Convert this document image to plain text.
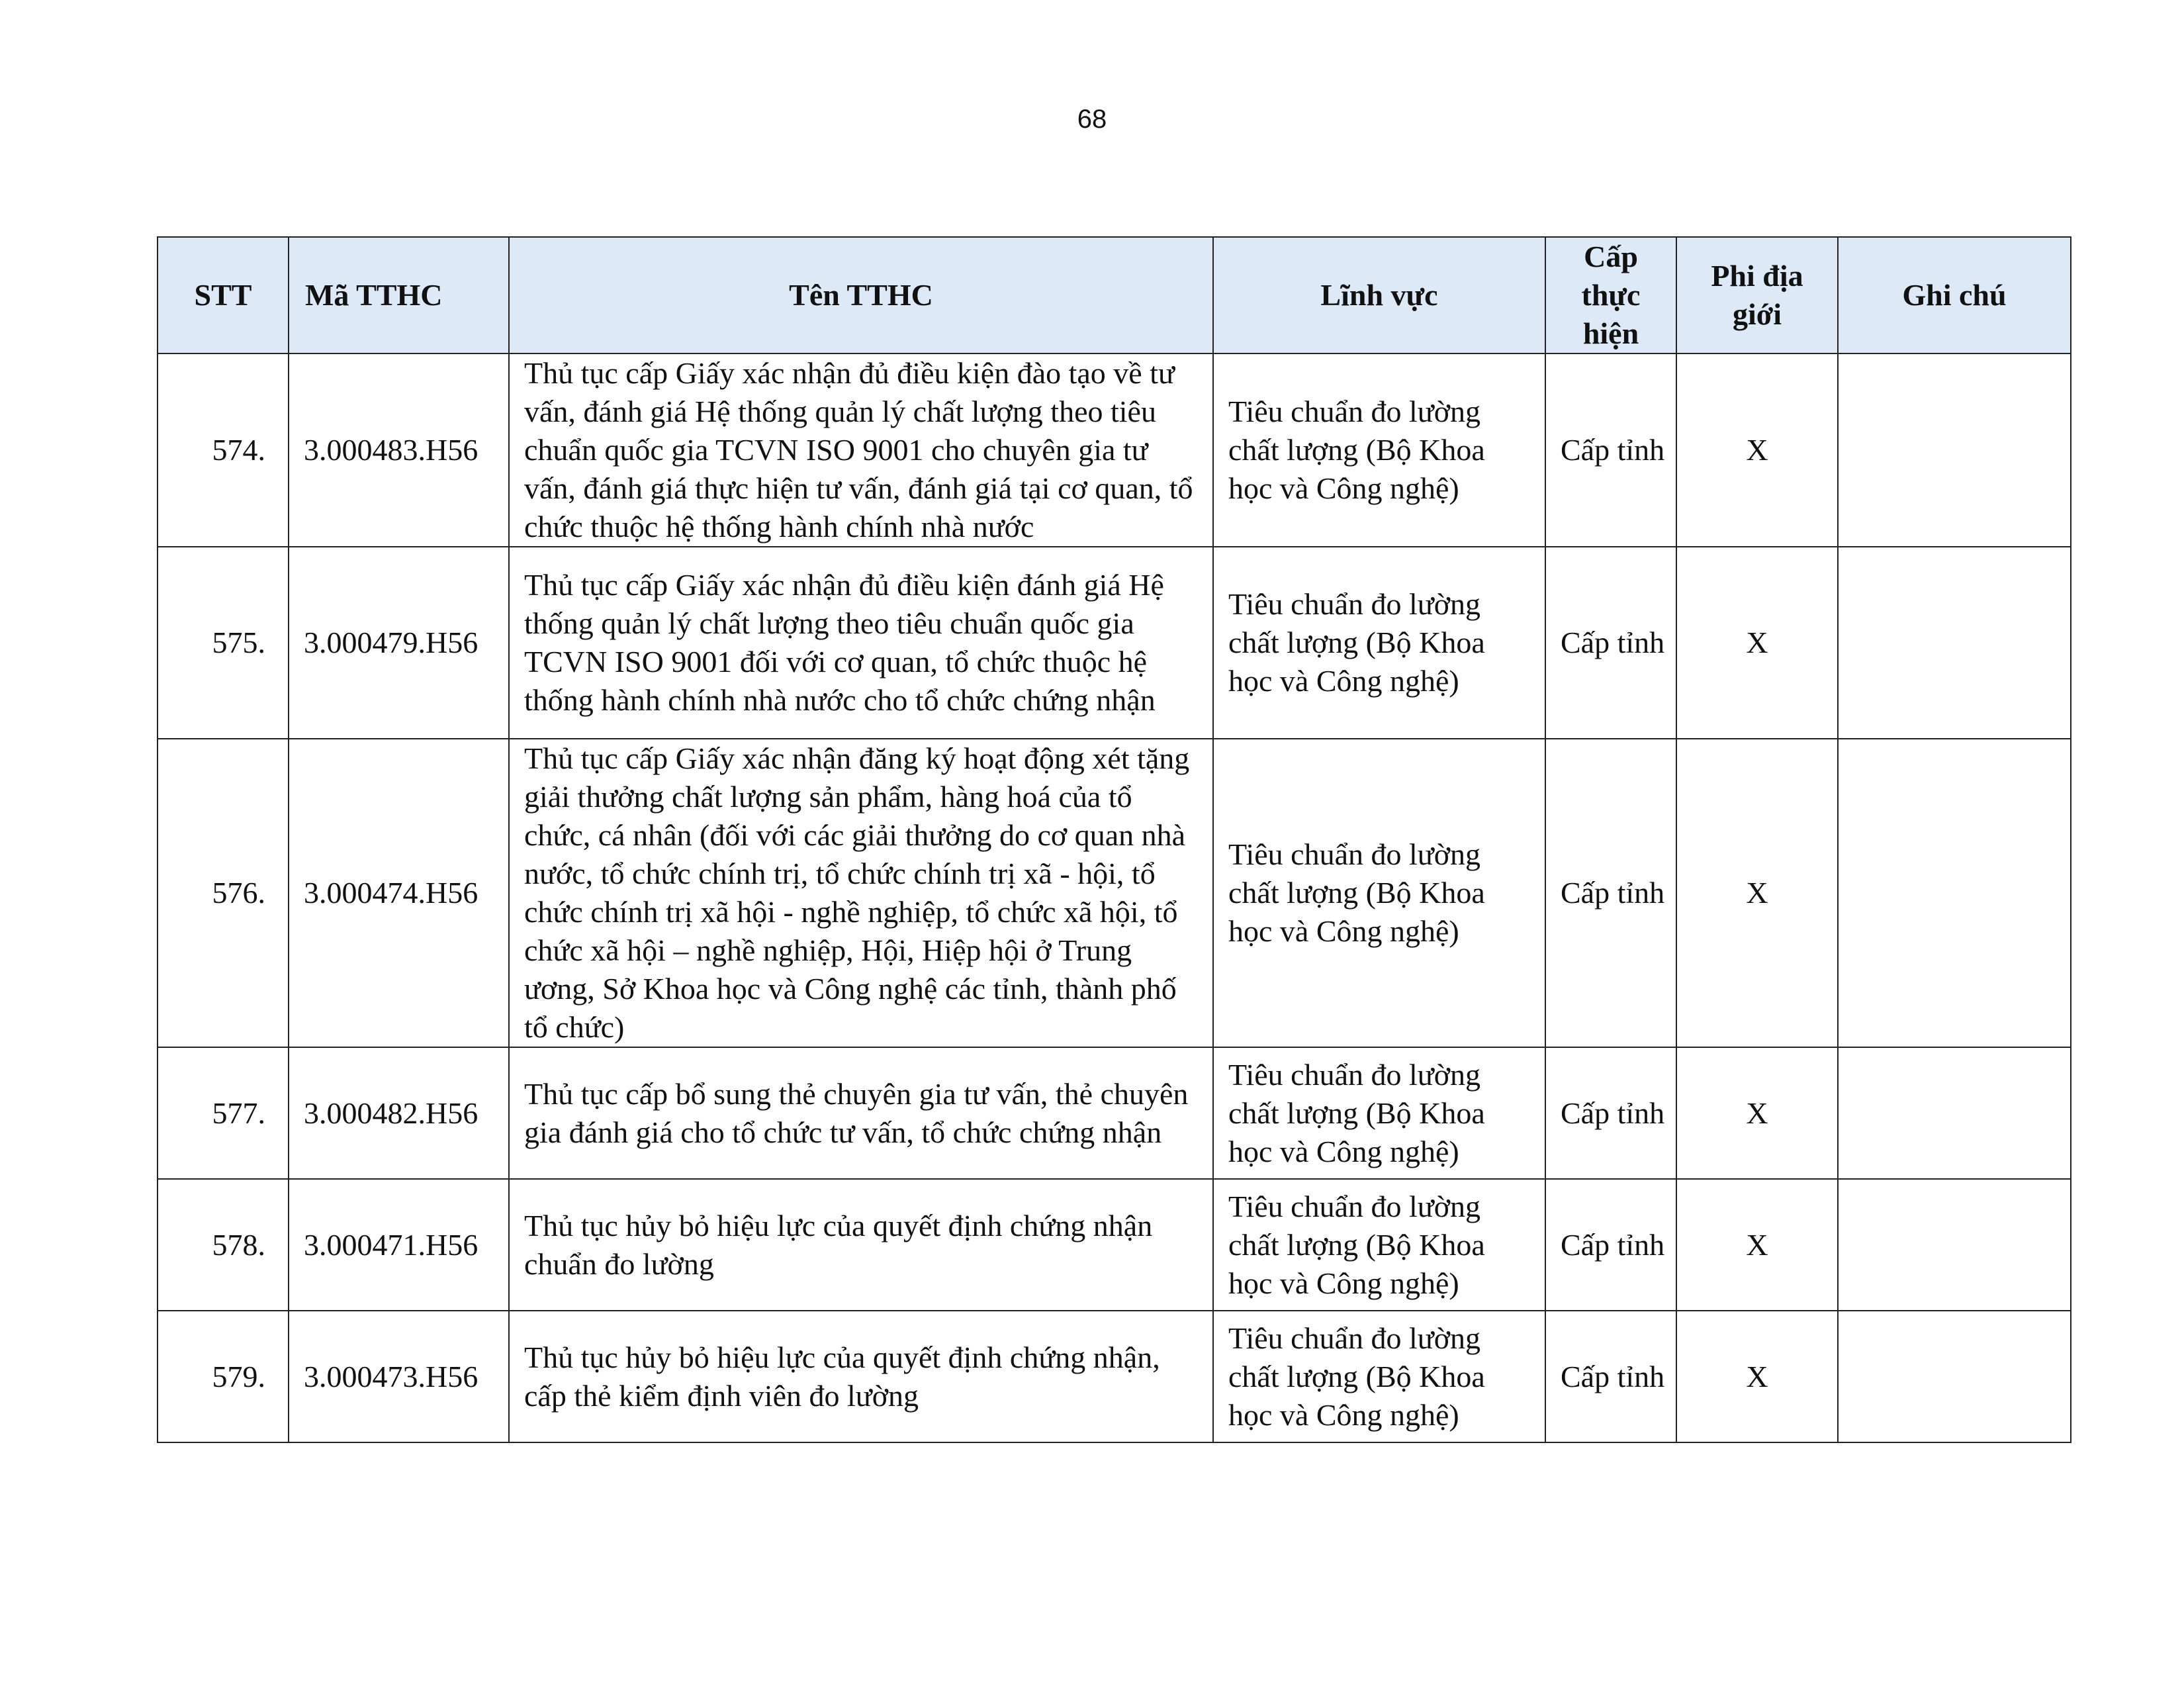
68
STT	Mã TTHC	Tên TTHC	Lĩnh vực	Cấp thực hiện	Phi địa giới	Ghi chú
574.	3.000483.H56	Thủ tục cấp Giấy xác nhận đủ điều kiện đào tạo về tư vấn, đánh giá Hệ thống quản lý chất lượng theo tiêu chuẩn quốc gia TCVN ISO 9001 cho chuyên gia tư vấn, đánh giá thực hiện tư vấn, đánh giá tại cơ quan, tổ chức thuộc hệ thống hành chính nhà nước	Tiêu chuẩn đo lường chất lượng (Bộ Khoa học và Công nghệ)	Cấp tỉnh	X	
575.	3.000479.H56	Thủ tục cấp Giấy xác nhận đủ điều kiện đánh giá Hệ thống quản lý chất lượng theo tiêu chuẩn quốc gia TCVN ISO 9001 đối với cơ quan, tổ chức thuộc hệ thống hành chính nhà nước cho tổ chức chứng nhận	Tiêu chuẩn đo lường chất lượng (Bộ Khoa học và Công nghệ)	Cấp tỉnh	X	
576.	3.000474.H56	Thủ tục cấp Giấy xác nhận đăng ký hoạt động xét tặng giải thưởng chất lượng sản phẩm, hàng hoá của tổ chức, cá nhân (đối với các giải thưởng do cơ quan nhà nước, tổ chức chính trị, tổ chức chính trị xã - hội, tổ chức chính trị xã hội - nghề nghiệp, tổ chức xã hội, tổ chức xã hội – nghề nghiệp, Hội, Hiệp hội ở Trung ương, Sở Khoa học và Công nghệ các tỉnh, thành phố tổ chức)	Tiêu chuẩn đo lường chất lượng (Bộ Khoa học và Công nghệ)	Cấp tỉnh	X	
577.	3.000482.H56	Thủ tục cấp bổ sung thẻ chuyên gia tư vấn, thẻ chuyên gia đánh giá cho tổ chức tư vấn, tổ chức chứng nhận	Tiêu chuẩn đo lường chất lượng (Bộ Khoa học và Công nghệ)	Cấp tỉnh	X	
578.	3.000471.H56	Thủ tục hủy bỏ hiệu lực của quyết định chứng nhận chuẩn đo lường	Tiêu chuẩn đo lường chất lượng (Bộ Khoa học và Công nghệ)	Cấp tỉnh	X	
579.	3.000473.H56	Thủ tục hủy bỏ hiệu lực của quyết định chứng nhận, cấp thẻ kiểm định viên đo lường	Tiêu chuẩn đo lường chất lượng (Bộ Khoa học và Công nghệ)	Cấp tỉnh	X	
